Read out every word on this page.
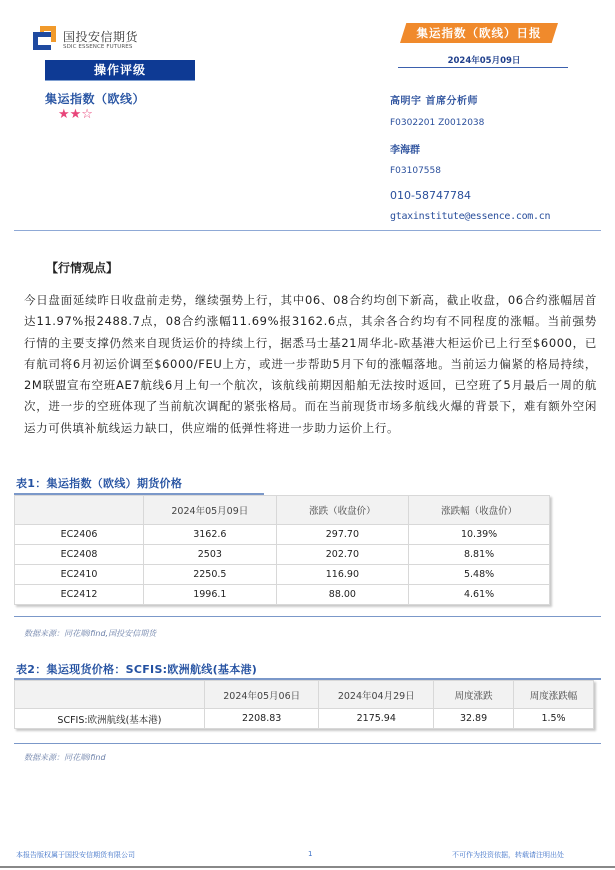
国投安信期货
SDIC ESSENCE FUTURES
操作评级
集运指数（欧线）
★★☆
集运指数（欧线）日报
2024年05月09日
高明宇 首席分析师
F0302201 Z0012038
李海群
F03107558
010-58747784
gtaxinstitute@essence.com.cn
【行情观点】
今日盘面延续昨日收盘前走势，继续强势上行，其中06、08合约均创下新高，截止收盘，06合约涨幅居首达11.97%报2488.7点，08合约涨幅11.69%报3162.6点，其余各合约均有不同程度的涨幅。当前强势行情的主要支撑仍然来自现货运价的持续上行，据悉马士基21周华北-欧基港大柜运价已上行至$6000，已有航司将6月初运价调至$6000/FEU上方，或进一步帮助5月下旬的涨幅落地。当前运力偏紧的格局持续，2M联盟宣布空班AE7航线6月上旬一个航次，该航线前期因船舶无法按时返回，已空班了5月最后一周的航次，进一步的空班体现了当前航次调配的紧张格局。而在当前现货市场多航线火爆的背景下，难有额外空闲运力可供填补航线运力缺口，供应端的低弹性将进一步助力运价上行。
表1：集运指数（欧线）期货价格
	2024年05月09日	涨跌（收盘价）	涨跌幅（收盘价）
EC2406	3162.6	297.70	10.39%
EC2408	2503	202.70	8.81%
EC2410	2250.5	116.90	5.48%
EC2412	1996.1	88.00	4.61%
数据来源：同花顺ifind,国投安信期货
表2：集运现货价格：SCFIS:欧洲航线(基本港)
	2024年05月06日	2024年04月29日	周度涨跌	周度涨跌幅
SCFIS:欧洲航线(基本港)	2208.83	2175.94	32.89	1.5%
数据来源：同花顺ifind
本报告版权属于国投安信期货有限公司	1	不可作为投资依据，转载请注明出处
